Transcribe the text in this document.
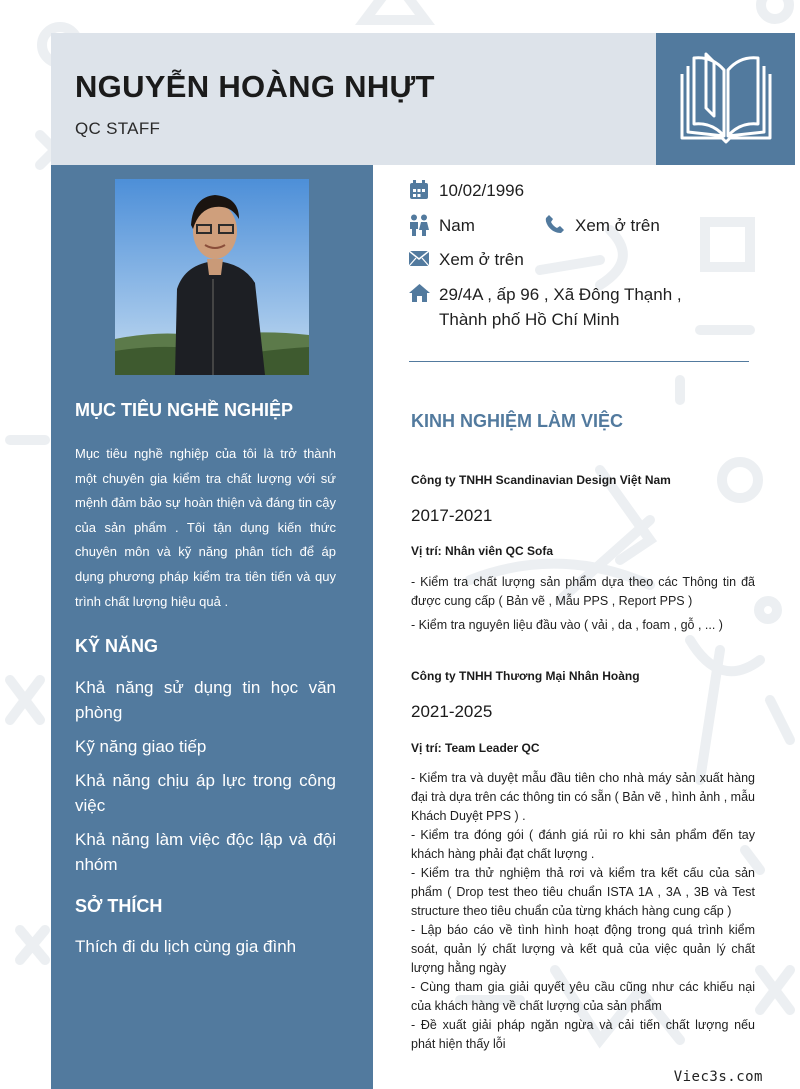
NGUYỄN HOÀNG NHỰT
QC STAFF
MỤC TIÊU NGHỀ NGHIỆP

Mục tiêu nghề nghiệp của tôi là trở thành một chuyên gia kiểm tra chất lượng với sứ mệnh đảm bảo sự hoàn thiện và đáng tin cậy của sản phẩm . Tôi tận dụng kiến thức chuyên môn và kỹ năng phân tích để áp dụng phương pháp kiểm tra tiên tiến và quy trình chất lượng hiệu quả .

KỸ NĂNG
Khả năng sử dụng tin học văn phòng
Kỹ năng giao tiếp
Khả năng chịu áp lực trong công việc
Khả năng làm việc độc lập và đội nhóm
SỞ THÍCH
Thích đi du lịch cùng gia đình
10/02/1996
Nam	Xem ở trên
Xem ở trên
29/4A , ấp 96 , Xã Đông Thạnh ,
Thành phố Hồ Chí Minh
KINH NGHIỆM LÀM VIỆC
Công ty TNHH Scandinavian Design Việt Nam
2017-2021
Vị trí: Nhân viên QC Sofa
- Kiểm tra chất lượng sản phẩm dựa theo các Thông tin đã được cung cấp ( Bản vẽ , Mẫu PPS , Report PPS )
- Kiểm tra nguyên liệu đầu vào ( vải , da , foam , gỗ , ... )
Công ty TNHH Thương Mại Nhân Hoàng
2021-2025
Vị trí: Team Leader QC
- Kiểm tra và duyệt mẫu đầu tiên cho nhà máy sản xuất hàng đại trà dựa trên các thông tin có sẵn ( Bản vẽ , hình ảnh , mẫu Khách Duyệt PPS ) .
- Kiểm tra đóng gói ( đánh giá rủi ro khi sản phẩm đến tay khách hàng phải đạt chất lượng .
- Kiểm tra thử nghiệm thả rơi và kiểm tra kết cấu của sản phẩm ( Drop test theo tiêu chuẩn ISTA 1A , 3A , 3B và Test structure theo tiêu chuẩn của từng khách hàng cung cấp )
- Lập báo cáo về tình hình hoạt động trong quá trình kiểm soát, quản lý chất lượng và kết quả của việc quản lý chất lượng hằng ngày
- Cùng tham gia giải quyết yêu cầu cũng như các khiếu nại của khách hàng về chất lượng của sản phẩm
- Đề xuất giải pháp ngăn ngừa và cải tiến chất lượng nếu phát hiện thấy lỗi
Viec3s.com
